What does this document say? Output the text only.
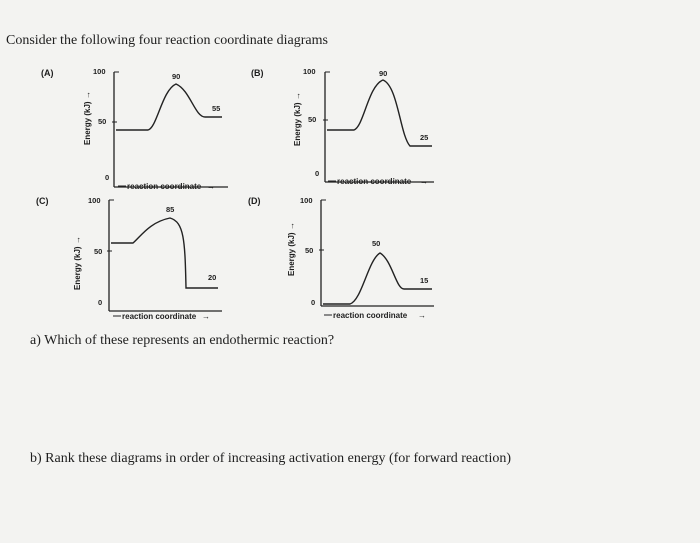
Consider the following four reaction coordinate diagrams
(A)	100
50
0
90
55
Energy (kJ)
→
reaction coordinate →
(B)	100
50
0
90
25
Energy (kJ)
→
reaction coordinate →
(C)	100
50
0
85
20
Energy (kJ)
→
reaction coordinate →
(D)	100
50
0
50
15
Energy (kJ)
→
reaction coordinate →
a) Which of these represents an endothermic reaction?
b) Rank these diagrams in order of increasing activation energy (for forward reaction)
